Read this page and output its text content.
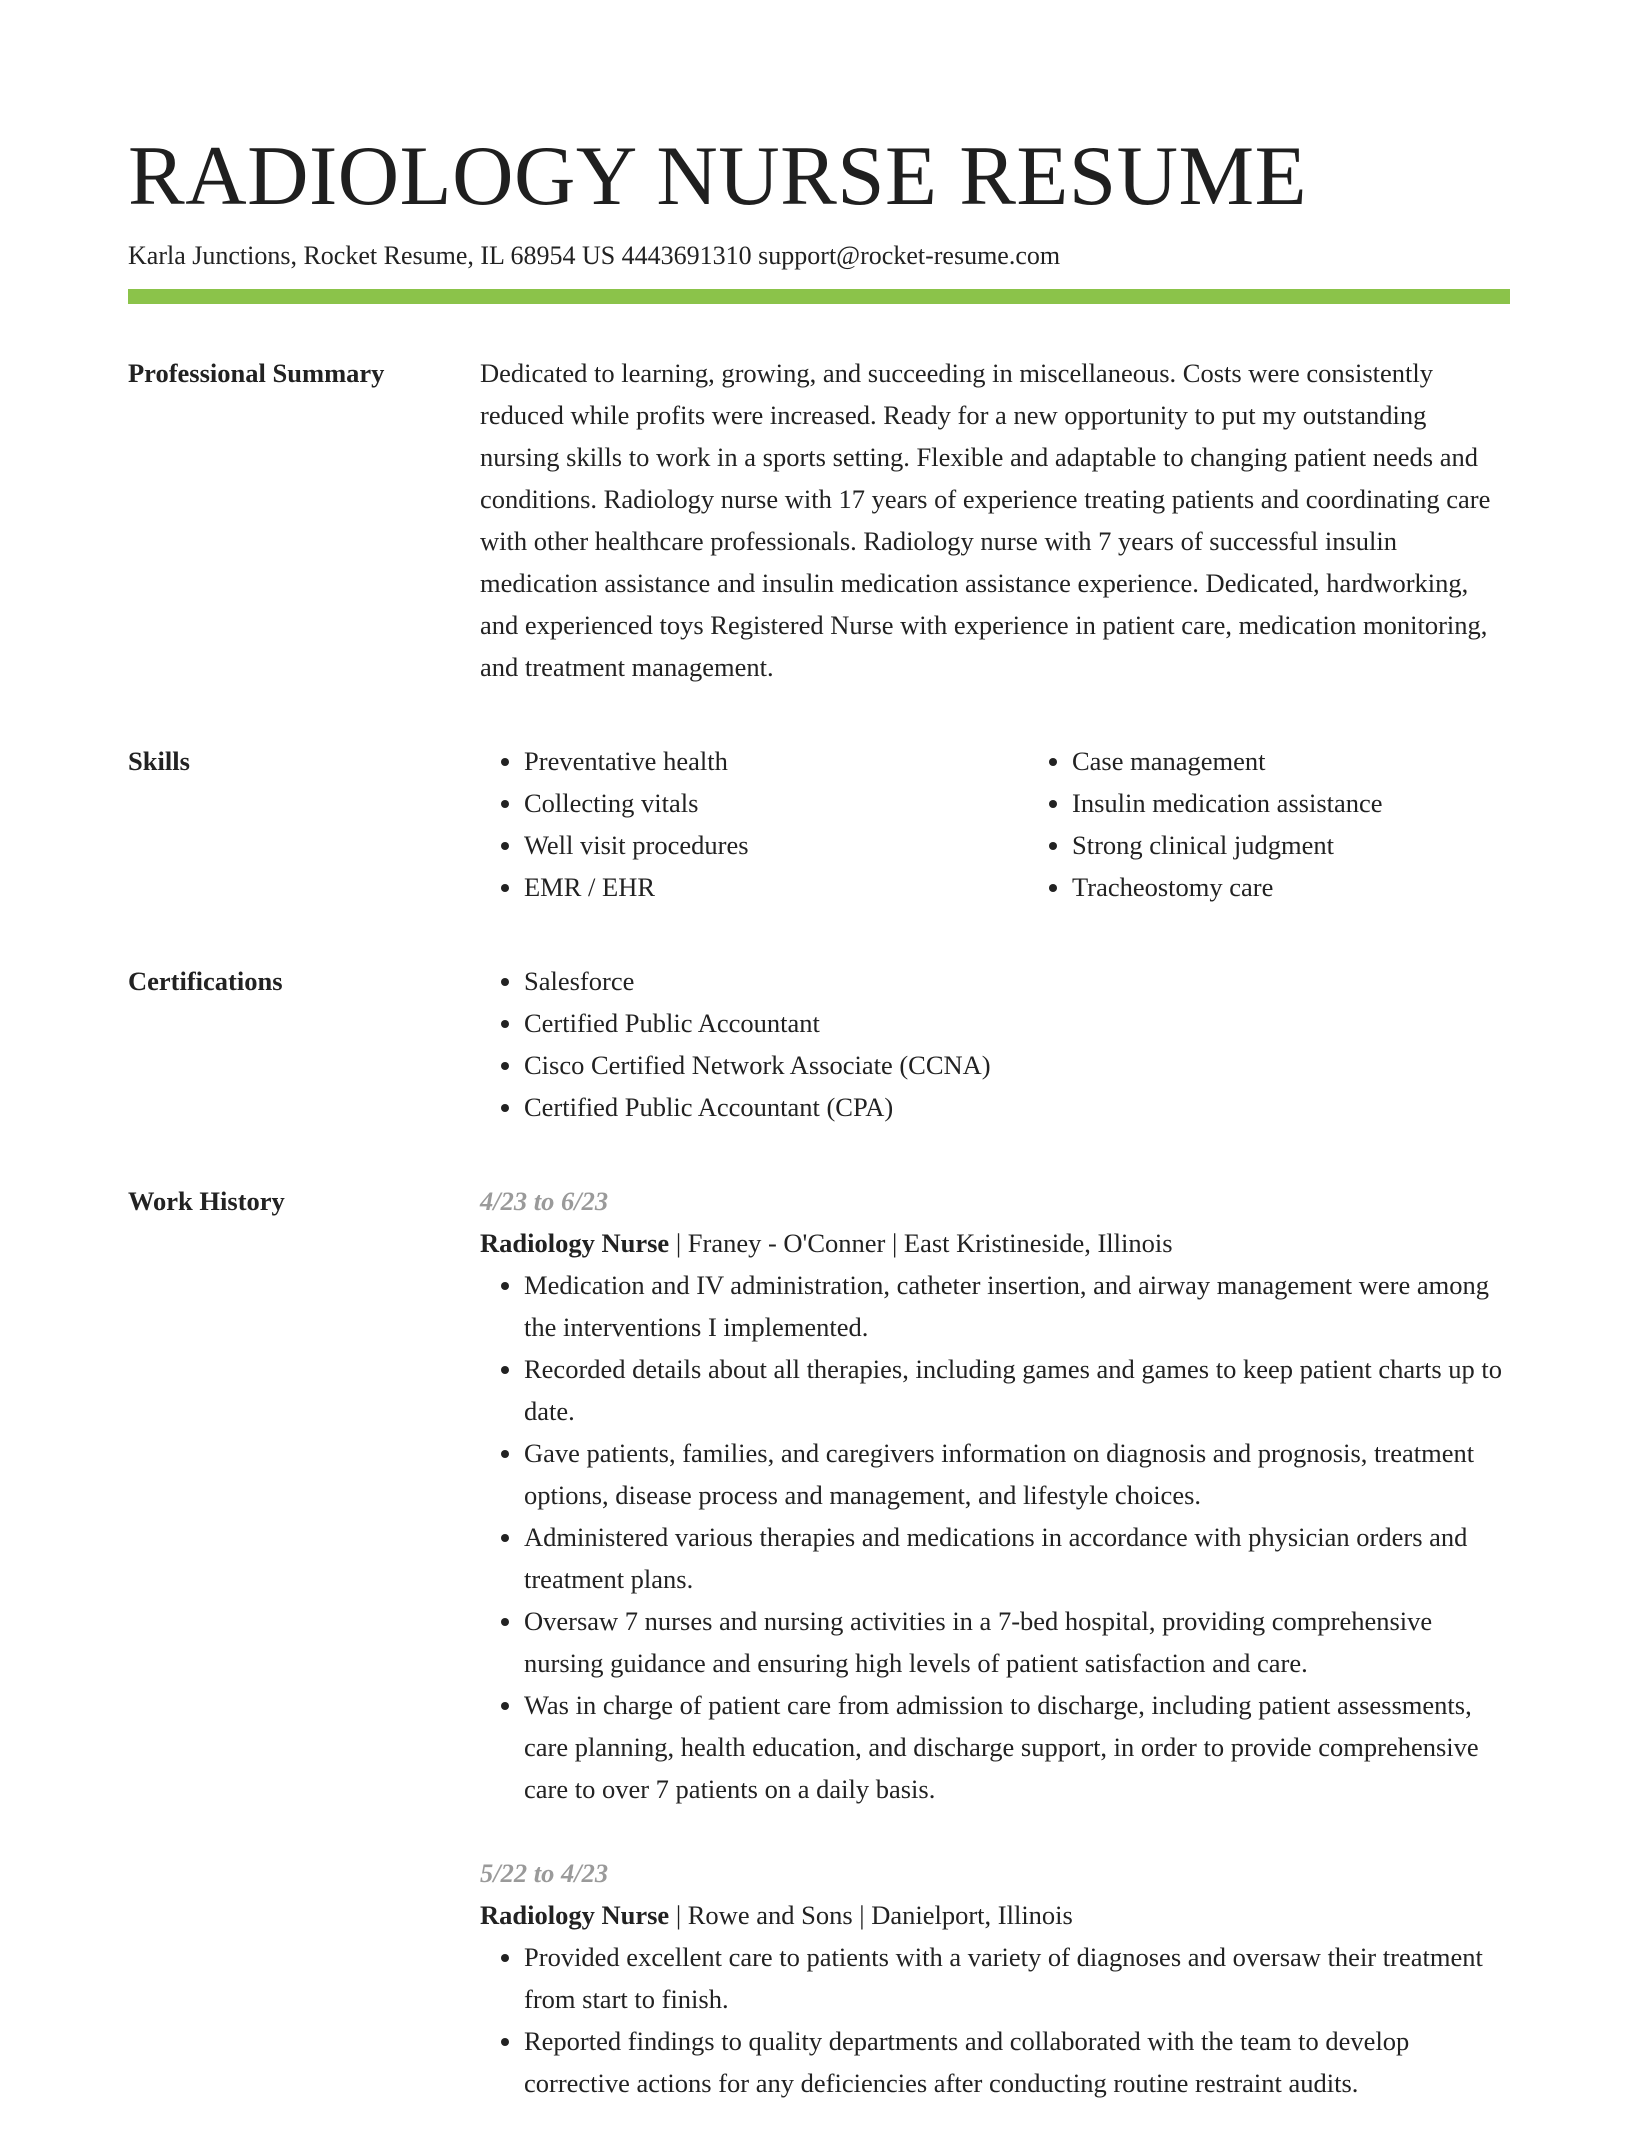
RADIOLOGY NURSE RESUME
Karla Junctions, Rocket Resume, IL 68954 US 4443691310 support@rocket-resume.com
Professional Summary	Dedicated to learning, growing, and succeeding in miscellaneous. Costs were consistently reduced while profits were increased. Ready for a new opportunity to put my outstanding nursing skills to work in a sports setting. Flexible and adaptable to changing patient needs and conditions. Radiology nurse with 17 years of experience treating patients and coordinating care with other healthcare professionals. Radiology nurse with 7 years of successful insulin medication assistance and insulin medication assistance experience. Dedicated, hardworking, and experienced toys Registered Nurse with experience in patient care, medication monitoring, and treatment management.

Skills	• Preventative health
• Collecting vitals
• Well visit procedures
• EMR / EHR
• Case management
• Insulin medication assistance
• Strong clinical judgment
• Tracheostomy care
Certifications	• Salesforce
• Certified Public Accountant
• Cisco Certified Network Associate (CCNA)
• Certified Public Accountant (CPA)
Work History	4/23 to 6/23
Radiology Nurse | Franey - O'Conner | East Kristineside, Illinois
• Medication and IV administration, catheter insertion, and airway management were among the interventions I implemented.
• Recorded details about all therapies, including games and games to keep patient charts up to date.
• Gave patients, families, and caregivers information on diagnosis and prognosis, treatment options, disease process and management, and lifestyle choices.
• Administered various therapies and medications in accordance with physician orders and treatment plans.
• Oversaw 7 nurses and nursing activities in a 7-bed hospital, providing comprehensive nursing guidance and ensuring high levels of patient satisfaction and care.
• Was in charge of patient care from admission to discharge, including patient assessments, care planning, health education, and discharge support, in order to provide comprehensive care to over 7 patients on a daily basis.
5/22 to 4/23
Radiology Nurse | Rowe and Sons | Danielport, Illinois
• Provided excellent care to patients with a variety of diagnoses and oversaw their treatment from start to finish.
• Reported findings to quality departments and collaborated with the team to develop corrective actions for any deficiencies after conducting routine restraint audits.
